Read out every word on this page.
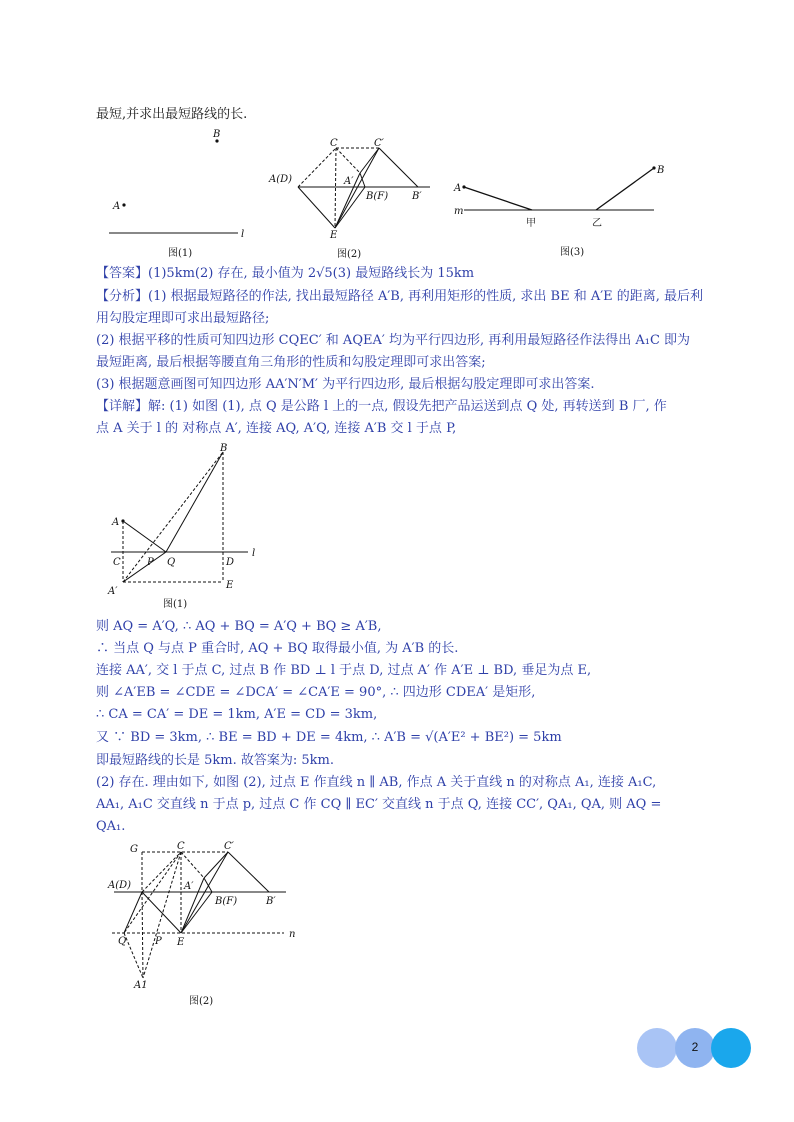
最短,并求出最短路线的长.
B
A
l
图(1)
C	C′
A(D)	A′
B(F) B′
E
图(2)
A
B
m
甲	乙
图(3)
【答案】(1)5km(2) 存在, 最小值为 2√5(3) 最短路线长为 15km
【分析】(1) 根据最短路径的作法, 找出最短路径 A′B, 再利用矩形的性质, 求出 BE 和 A′E 的距离, 最后利
用勾股定理即可求出最短路径;
(2) 根据平移的性质可知四边形 CQEC′ 和 AQEA′ 均为平行四边形, 再利用最短路径作法得出 A₁C 即为
最短距离, 最后根据等腰直角三角形的性质和勾股定理即可求出答案;
(3) 根据题意画图可知四边形 AA′N′M′ 为平行四边形, 最后根据勾股定理即可求出答案.
【详解】解: (1) 如图 (1), 点 Q 是公路 l 上的一点, 假设先把产品运送到点 Q 处, 再转送到 B 厂, 作
点 A 关于 l 的 对称点 A′, 连接 AQ, A′Q, 连接 A′B 交 l 于点 P,
l
A
A′
B
C	P Q	D
E
图(1)
则 AQ = A′Q, ∴ AQ + BQ = A′Q + BQ ≥ A′B,
∴ 当点 Q 与点 P 重合时, AQ + BQ 取得最小值, 为 A′B 的长.
连接 AA′, 交 l 于点 C, 过点 B 作 BD ⊥ l 于点 D, 过点 A′ 作 A′E ⊥ BD, 垂足为点 E,
则 ∠A′EB = ∠CDE = ∠DCA′ = ∠CA′E = 90°, ∴ 四边形 CDEA′ 是矩形,
∴ CA = CA′ = DE = 1km, A′E = CD = 3km,
又 ∵ BD = 3km, ∴ BE = BD + DE = 4km, ∴ A′B = √(A′E² + BE²) = 5km
即最短路线的长是 5km. 故答案为: 5km.
(2) 存在. 理由如下, 如图 (2), 过点 E 作直线 n ∥ AB, 作点 A 关于直线 n 的对称点 A₁, 连接 A₁C,
AA₁, A₁C 交直线 n 于点 p, 过点 C 作 CQ ∥ EC′ 交直线 n 于点 Q, 连接 CC′, QA₁, QA, 则 AQ =
QA₁.
G	C	C′
A(D)	A′
B(F)	B′
Q	P E
n
A1
图(2)
2
